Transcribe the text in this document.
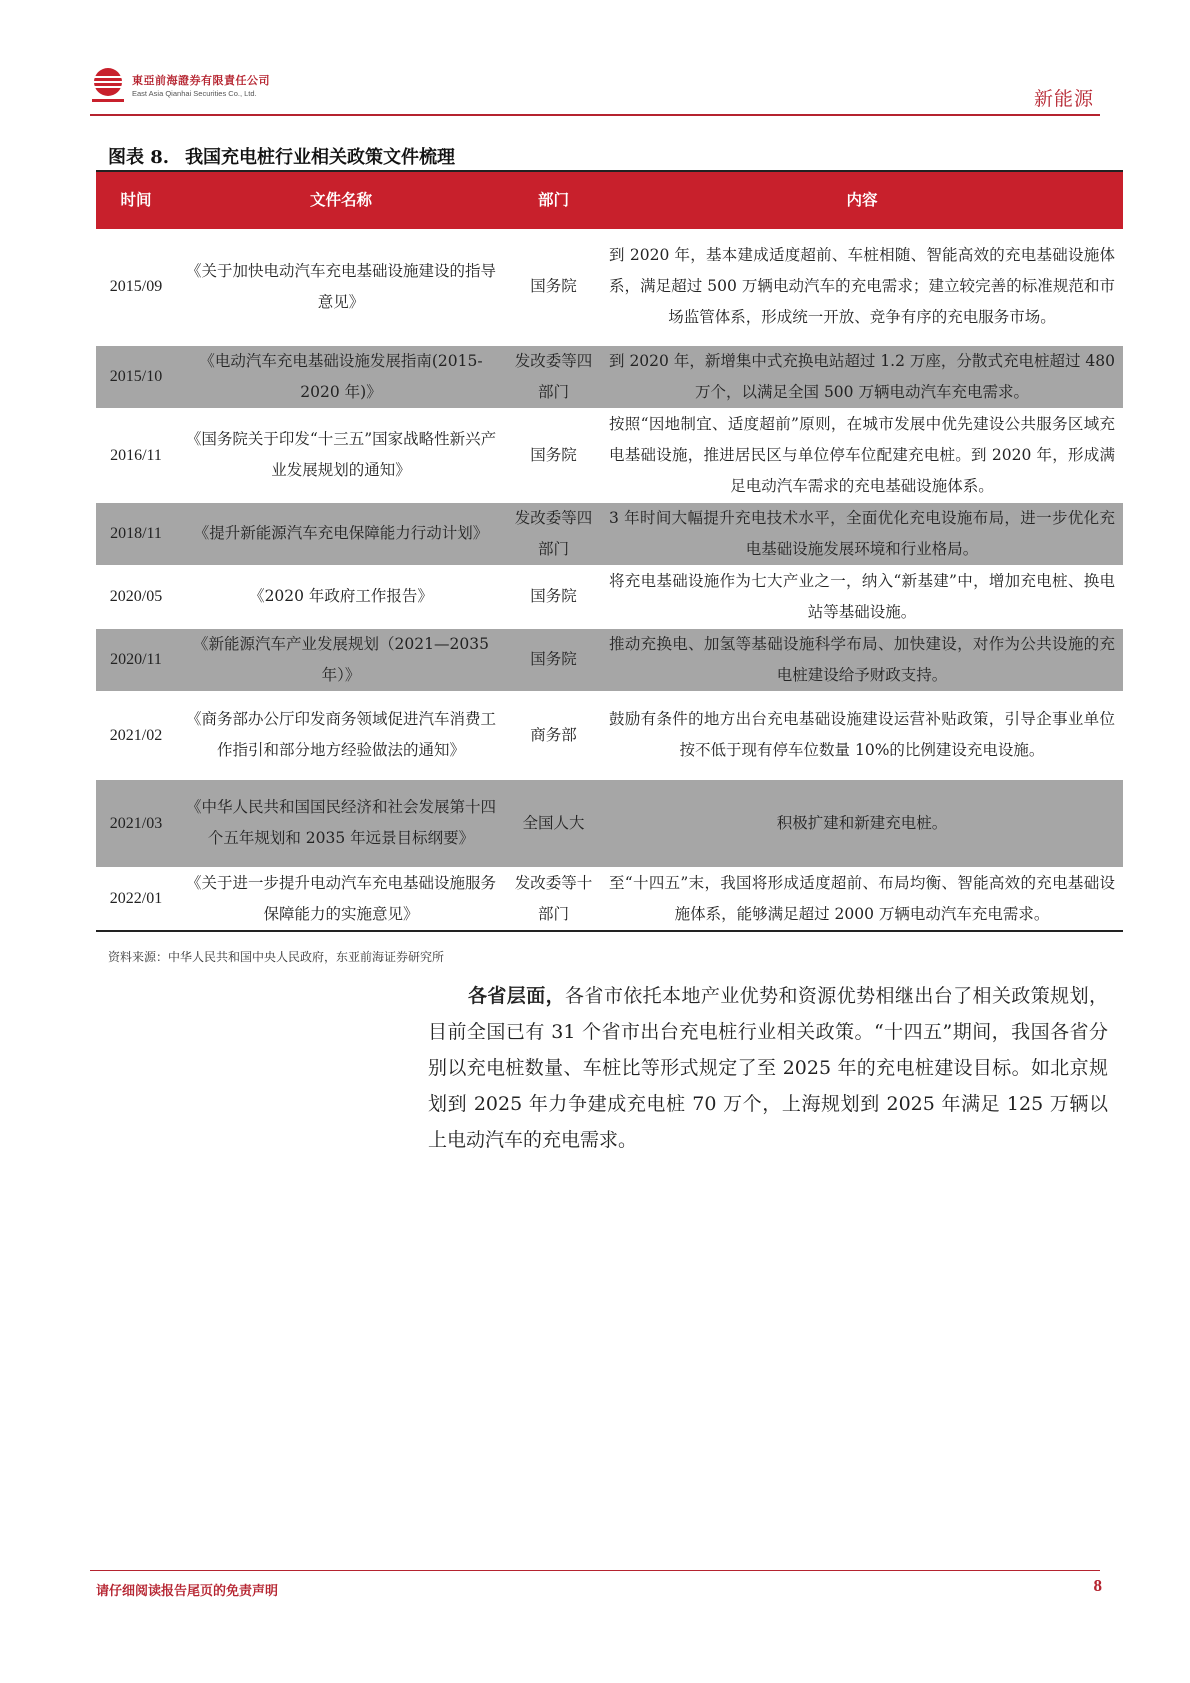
東亞前海證券有限責任公司
East Asia Qianhai Securities Co., Ltd.	新能源
图表 8. 我国充电桩行业相关政策文件梳理
时间	文件名称	部门	内容
2015/09	《关于加快电动汽车充电基础设施建设的指导意见》	国务院	到 2020 年，基本建成适度超前、车桩相随、智能高效的充电基础设施体系，满足超过 500 万辆电动汽车的充电需求；建立较完善的标准规范和市场监管体系，形成统一开放、竞争有序的充电服务市场。
2015/10	《电动汽车充电基础设施发展指南(2015-2020 年)》	发改委等四部门	到 2020 年，新增集中式充换电站超过 1.2 万座，分散式充电桩超过 480 万个，以满足全国 500 万辆电动汽车充电需求。
2016/11	《国务院关于印发“十三五”国家战略性新兴产业发展规划的通知》	国务院	按照“因地制宜、适度超前”原则，在城市发展中优先建设公共服务区域充电基础设施，推进居民区与单位停车位配建充电桩。到 2020 年，形成满足电动汽车需求的充电基础设施体系。
2018/11	《提升新能源汽车充电保障能力行动计划》	发改委等四部门	3 年时间大幅提升充电技术水平，全面优化充电设施布局，进一步优化充电基础设施发展环境和行业格局。
2020/05	《2020 年政府工作报告》	国务院	将充电基础设施作为七大产业之一，纳入“新基建”中，增加充电桩、换电站等基础设施。
2020/11	《新能源汽车产业发展规划（2021—2035 年）》	国务院	推动充换电、加氢等基础设施科学布局、加快建设，对作为公共设施的充电桩建设给予财政支持。
2021/02	《商务部办公厅印发商务领域促进汽车消费工作指引和部分地方经验做法的通知》	商务部	鼓励有条件的地方出台充电基础设施建设运营补贴政策，引导企事业单位按不低于现有停车位数量 10%的比例建设充电设施。
2021/03	《中华人民共和国国民经济和社会发展第十四个五年规划和 2035 年远景目标纲要》	全国人大	积极扩建和新建充电桩。
2022/01	《关于进一步提升电动汽车充电基础设施服务保障能力的实施意见》	发改委等十部门	至“十四五”末，我国将形成适度超前、布局均衡、智能高效的充电基础设施体系，能够满足超过 2000 万辆电动汽车充电需求。
资料来源：中华人民共和国中央人民政府，东亚前海证券研究所
各省层面，各省市依托本地产业优势和资源优势相继出台了相关政策规划，目前全国已有 31 个省市出台充电桩行业相关政策。“十四五”期间，我国各省分别以充电桩数量、车桩比等形式规定了至 2025 年的充电桩建设目标。如北京规划到 2025 年力争建成充电桩 70 万个，上海规划到 2025 年满足 125 万辆以上电动汽车的充电需求。
请仔细阅读报告尾页的免责声明	8
